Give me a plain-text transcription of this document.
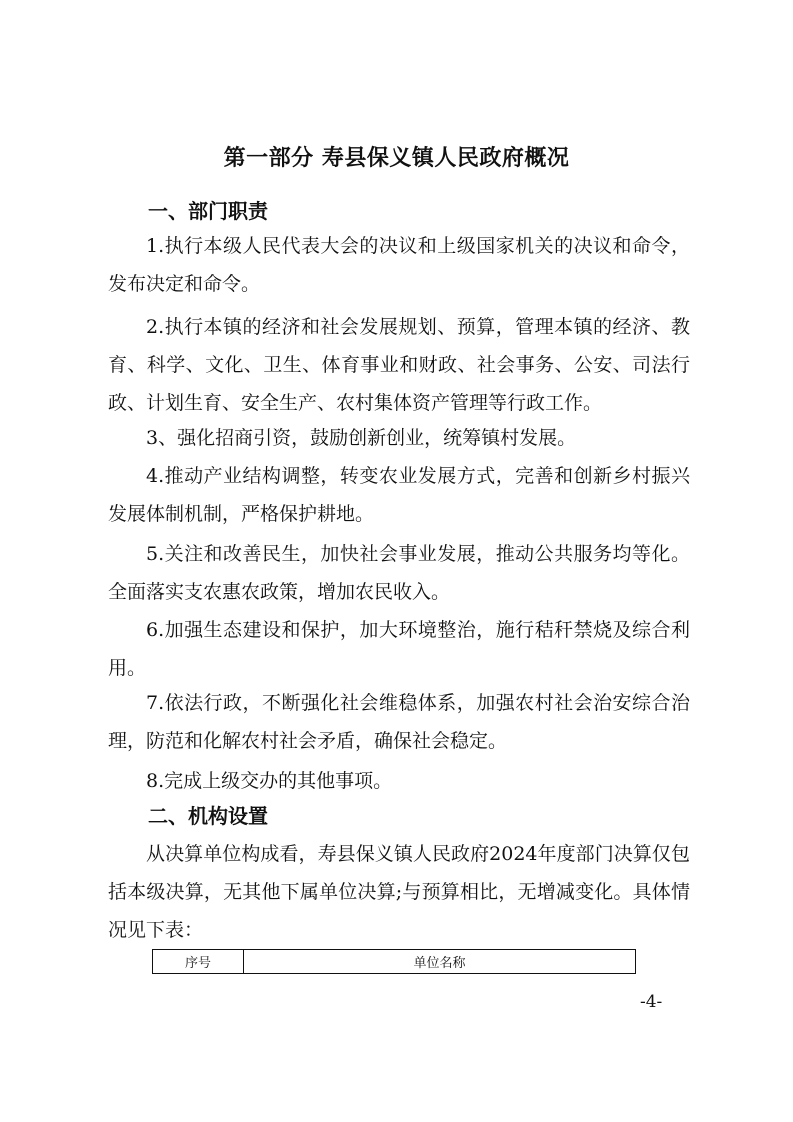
第一部分 寿县保义镇人民政府概况
一、部门职责

1.执行本级人民代表大会的决议和上级国家机关的决议和命令，发布决定和命令。

2.执行本镇的经济和社会发展规划、预算，管理本镇的经济、教育、科学、文化、卫生、体育事业和财政、社会事务、公安、司法行政、计划生育、安全生产、农村集体资产管理等行政工作。

3、强化招商引资，鼓励创新创业，统筹镇村发展。

4.推动产业结构调整，转变农业发展方式，完善和创新乡村振兴发展体制机制，严格保护耕地。

5.关注和改善民生，加快社会事业发展，推动公共服务均等化。全面落实支农惠农政策，增加农民收入。

6.加强生态建设和保护，加大环境整治，施行秸秆禁烧及综合利用。

7.依法行政，不断强化社会维稳体系，加强农村社会治安综合治理，防范和化解农村社会矛盾，确保社会稳定。

8.完成上级交办的其他事项。

二、机构设置

从决算单位构成看，寿县保义镇人民政府2024年度部门决算仅包括本级决算，无其他下属单位决算;与预算相比，无增减变化。具体情况见下表：

序号	单位名称
-4-
